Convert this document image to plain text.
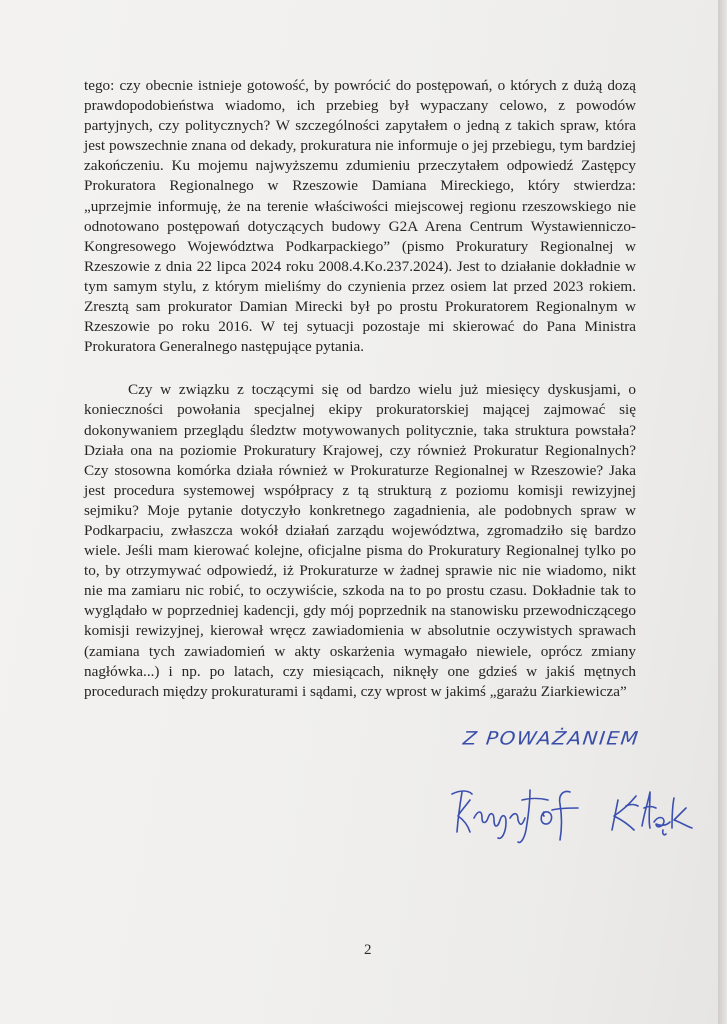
tego: czy obecnie istnieje gotowość, by powrócić do postępowań, o których z dużą dozą prawdopodobieństwa wiadomo, ich przebieg był wypaczany celowo, z powodów partyjnych, czy politycznych? W szczególności zapytałem o jedną z takich spraw, która jest powszechnie znana od dekady, prokuratura nie informuje o jej przebiegu, tym bardziej zakończeniu. Ku mojemu najwyższemu zdumieniu przeczytałem odpowiedź Zastępcy Prokuratora Regionalnego w Rzeszowie Damiana Mireckiego, który stwierdza: „uprzejmie informuję, że na terenie właściwości miejscowej regionu rzeszowskiego nie odnotowano postępowań dotyczących budowy G2A Arena Centrum Wystawienniczo-Kongresowego Województwa Podkarpackiego” (pismo Prokuratury Regionalnej w Rzeszowie z dnia 22 lipca 2024 roku 2008.4.Ko.237.2024). Jest to działanie dokładnie w tym samym stylu, z którym mieliśmy do czynienia przez osiem lat przed 2023 rokiem. Zresztą sam prokurator Damian Mirecki był po prostu Prokuratorem Regionalnym w Rzeszowie po roku 2016. W tej sytuacji pozostaje mi skierować do Pana Ministra Prokuratora Generalnego następujące pytania.

Czy w związku z toczącymi się od bardzo wielu już miesięcy dyskusjami, o konieczności powołania specjalnej ekipy prokuratorskiej mającej zajmować się dokonywaniem przeglądu śledztw motywowanych politycznie, taka struktura powstała? Działa ona na poziomie Prokuratury Krajowej, czy również Prokuratur Regionalnych? Czy stosowna komórka działa również w Prokuraturze Regionalnej w Rzeszowie? Jaka jest procedura systemowej współpracy z tą strukturą z poziomu komisji rewizyjnej sejmiku? Moje pytanie dotyczyło konkretnego zagadnienia, ale podobnych spraw w Podkarpaciu, zwłaszcza wokół działań zarządu województwa, zgromadziło się bardzo wiele. Jeśli mam kierować kolejne, oficjalne pisma do Prokuratury Regionalnej tylko po to, by otrzymywać odpowiedź, iż Prokuraturze w żadnej sprawie nic nie wiadomo, nikt nie ma zamiaru nic robić, to oczywiście, szkoda na to po prostu czasu. Dokładnie tak to wyglądało w poprzedniej kadencji, gdy mój poprzednik na stanowisku przewodniczącego komisji rewizyjnej, kierował wręcz zawiadomienia w absolutnie oczywistych sprawach (zamiana tych zawiadomień w akty oskarżenia wymagało niewiele, oprócz zmiany nagłówka...) i np. po latach, czy miesiącach, niknęły one gdzieś w jakiś mętnych procedurach między prokuraturami i sądami, czy wprost w jakimś „garażu Ziarkiewicza”

Z POWAŻANIEM
2
